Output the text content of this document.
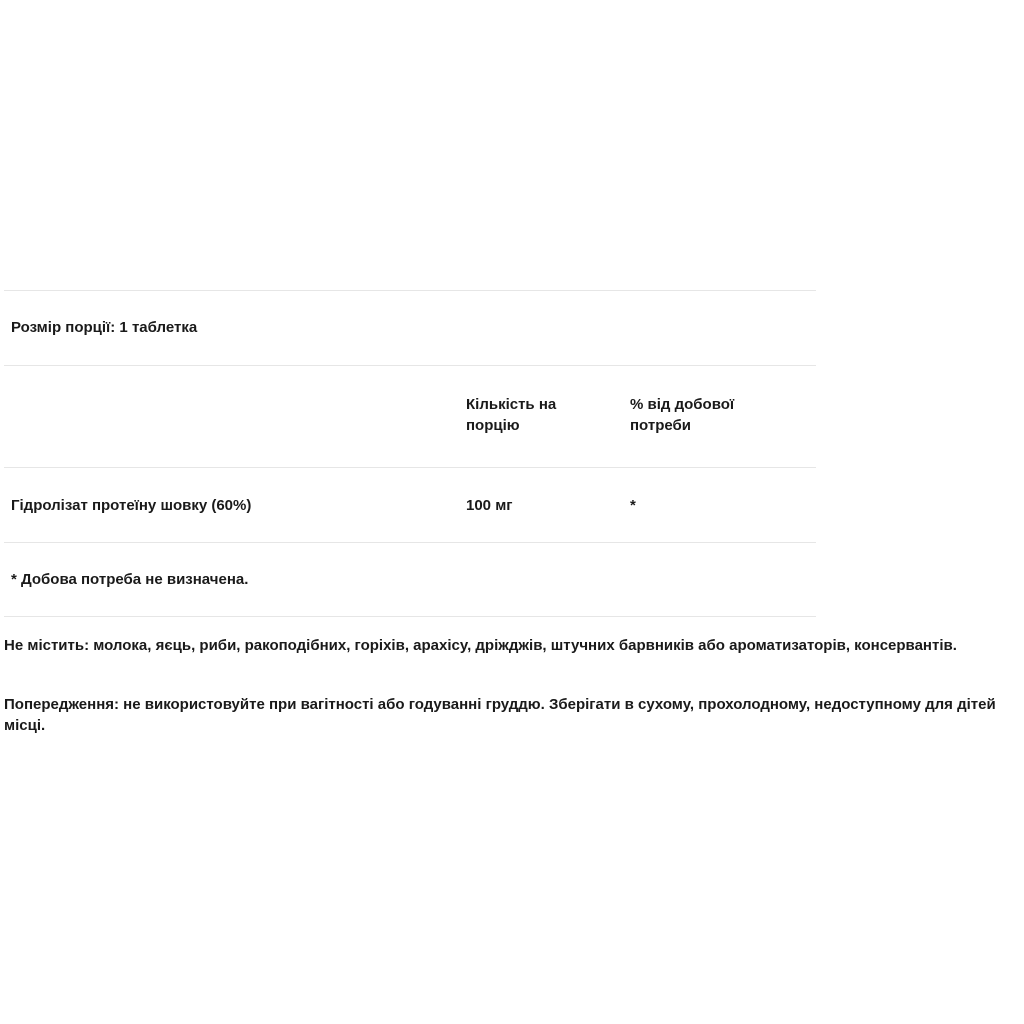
Розмір порції: 1 таблетка
Кількість на порцію
% від добової потреби
Гідролізат протеїну шовку (60%)	100 мг	*
* Добова потреба не визначена.

Не містить: молока, яєць, риби, ракоподібних, горіхів, арахісу, дріжджів, штучних барвників або ароматизаторів, консервантів.

Попередження: не використовуйте при вагітності або годуванні груддю. Зберігати в сухому, прохолодному, недоступному для дітей місці.
